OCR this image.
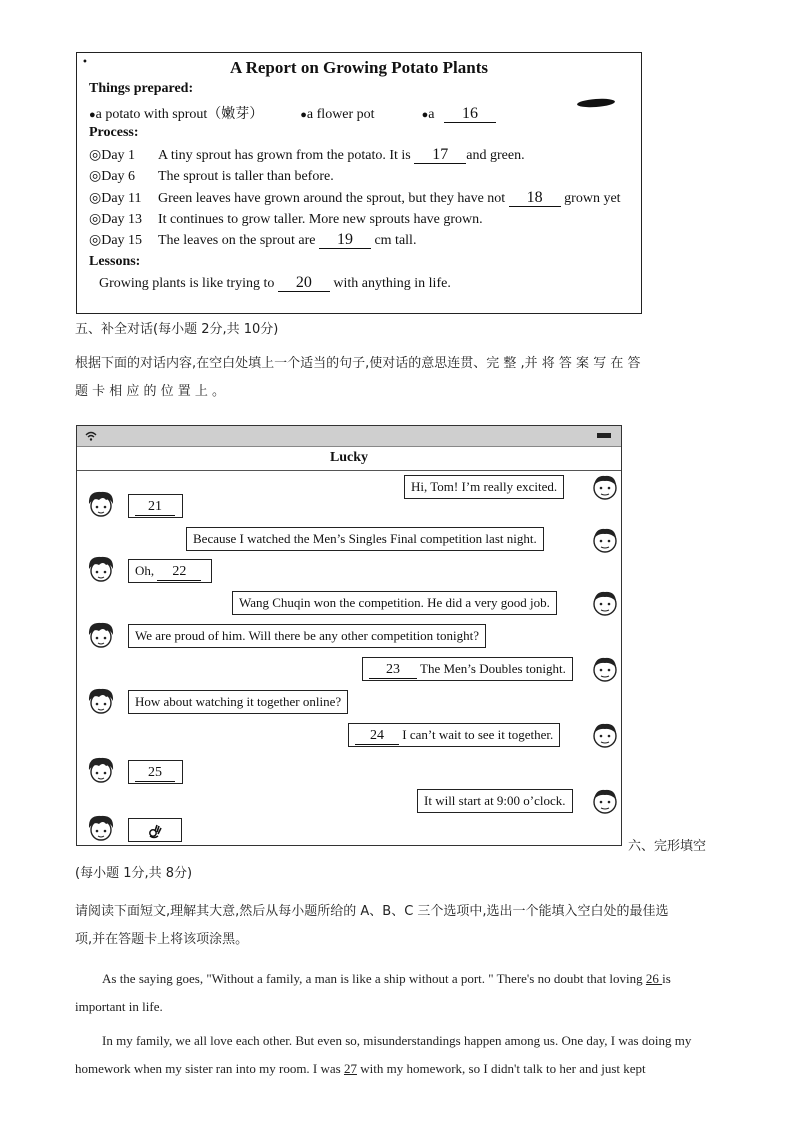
•	A Report on Growing Potato Plants
Things prepared:
●a potato with sprout（嫩芽）	●a flower pot	●a 16
Process:
◎Day 1 A tiny sprout has grown from the potato. It is 17 and green.
◎Day 6 The sprout is taller than before.
◎Day 11 Green leaves have grown around the sprout, but they have not 18 grown yet
◎Day 13 It continues to grow taller. More new sprouts have grown.
◎Day 15 The leaves on the sprout are 19 cm tall.
Lessons:
Growing plants is like trying to 20 with anything in life.
五、补全对话(每小题 2分,共 10分)
根据下面的对话内容,在空白处填上一个适当的句子,使对话的意思连贯、完 整 ,并 将 答 案 写 在 答
题 卡 相 应 的 位 置 上 。
Lucky
Hi, Tom! I’m really excited.
21
Because I watched the Men’s Singles Final competition last night.
Oh, 22
Wang Chuqin won the competition. He did a very good job.
We are proud of him. Will there be any other competition tonight?
23 The Men’s Doubles tonight.
How about watching it together online?
24 I can’t wait to see it together.
25
It will start at 9:00 o’clock.
六、完形填空
(每小题 1分,共 8分)
请阅读下面短文,理解其大意,然后从每小题所给的 A、B、C 三个选项中,选出一个能填入空白处的最佳选
项,并在答题卡上将该项涂黑。
As the saying goes, "Without a family, a man is like a ship without a port. " There's no doubt that loving 26 is important in life.
In my family, we all love each other. But even so, misunderstandings happen among us. One day, I was doing my homework when my sister ran into my room. I was 27 with my homework, so I didn't talk to her and just kept
